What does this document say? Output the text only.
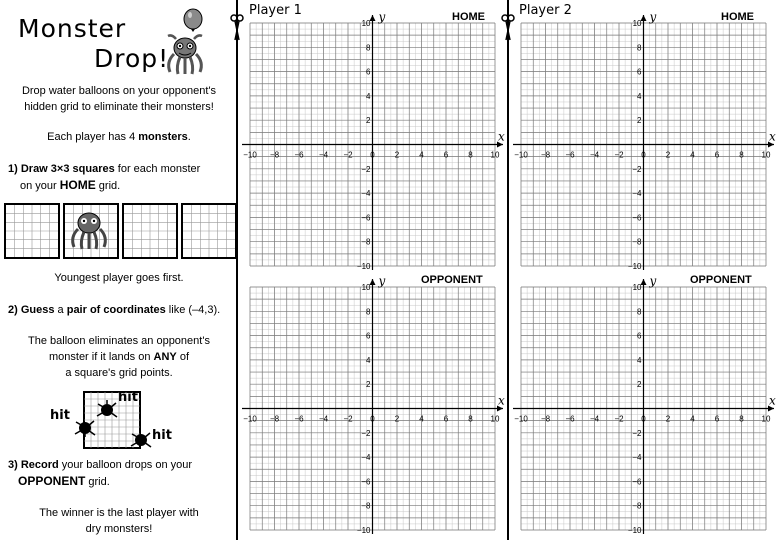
Monster
Drop!
Drop water balloons on your opponent's hidden grid to eliminate their monsters!
Each player has 4 monsters.
1) Draw 3×3 squares for each monster
on your HOME grid.
Youngest player goes first.
2) Guess a pair of coordinates like (–4,3).
The balloon eliminates an opponent's
monster if it lands on ANY of
a square's grid points.
hit
hit
hit
3) Record your balloon drops on your
OPPONENT grid.
The winner is the last player with
dry monsters!
Player 1	Player 2
HOME	HOME
OPPONENT	OPPONENT
x
y
−10 −8 −6 −4 −2 0	2	4	6	8 10
10
8
6
4
2
−2
−4
−6
−8
−10
x
y
−10 −8 −6 −4 −2 0	2	4	6	8 10
10
8
6
4
2
−2
−4
−6
−8
−10
x
y
−10 −8 −6 −4 −2 0	2	4	6	8 10
10
8
6
4
2
−2
−4
−6
−8
−10
x
y
−10 −8 −6 −4 −2 0	2	4	6	8 10
10
8
6
4
2
−2
−4
−6
−8
−10
